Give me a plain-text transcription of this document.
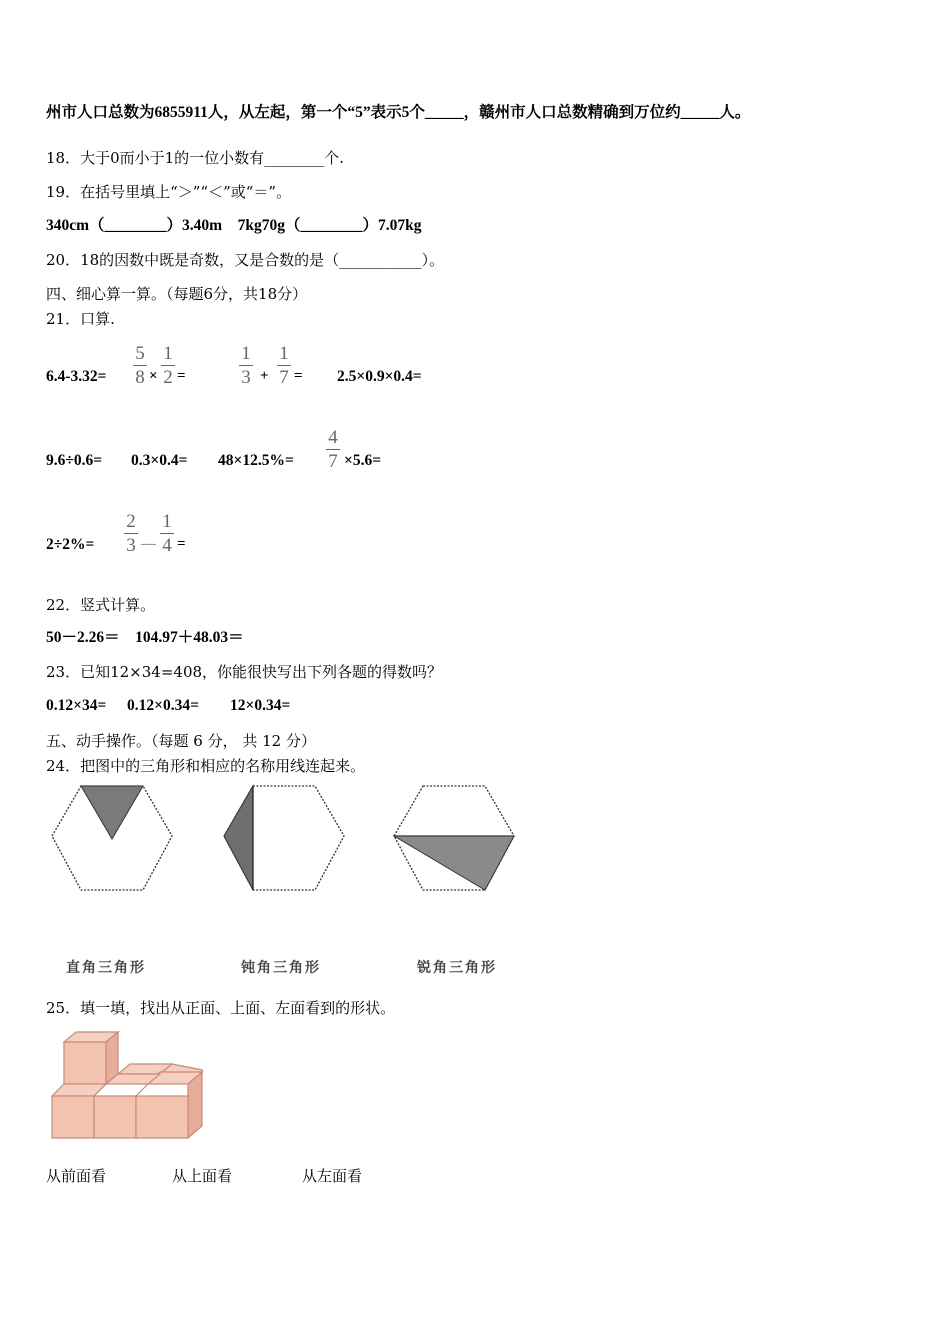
州市人口总数为6855911人，从左起，第一个“5”表示5个_____，赣州市人口总数精确到万位约_____人。
18．大于0而小于1的一位小数有________个.
19．在括号里填上“＞”“＜”或“＝”。
340cm（________）3.40m　7kg70g（________）7.07kg
20．18的因数中既是奇数，又是合数的是（___________）。
四、细心算一算。（每题6分，共18分）
21．口算.
6.4-3.32=
5
8 ×
1
2 =
1
3 +
1
7 = 2.5×0.9×0.4=
9.6÷0.6= 0.3×0.4= 48×12.5%=
4
7 ×5.6=
2÷2%=
2
3 —
1
4 =
22．竖式计算。
50－2.26＝　104.97＋48.03＝
23．已知12×34=408，你能很快写出下列各题的得数吗？
0.12×34= 0.12×0.34= 12×0.34=
五、动手操作。（每题 6 分， 共 12 分）
24．把图中的三角形和相应的名称用线连起来。
直角三角形	钝角三角形	锐角三角形
25．填一填，找出从正面、上面、左面看到的形状。
从前面看	从上面看	从左面看
